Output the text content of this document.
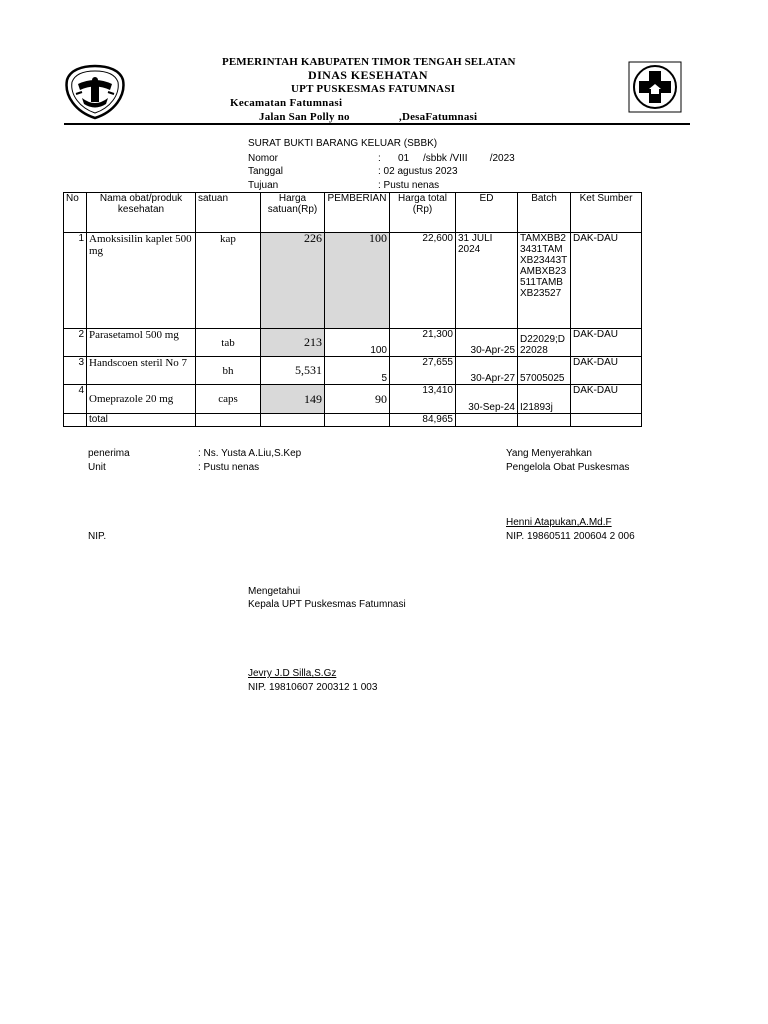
PEMERINTAH KABUPATEN TIMOR TENGAH SELATAN
DINAS KESEHATAN
UPT PUSKESMAS FATUMNASI
Kecamatan Fatumnasi
Jalan San Polly no	,DesaFatumnasi
SURAT BUKTI BARANG KELUAR (SBBK)
Nomor	: 01     /sbbk /VIII        /2023
Tanggal	: 02 agustus 2023
Tujuan	: Pustu nenas
No	Nama obat/produk kesehatan	satuan	Harga satuan(Rp)	PEMBERIAN	Harga total (Rp)	ED	Batch	Ket Sumber
1	Amoksisilin kaplet 500 mg	kap	226	100	22,600	31 JULI 2024	TAMXBB23431TAMXB23443TAMBXB23511TAMBXB23527	DAK-DAU
2	Parasetamol 500 mg	tab	213	100	21,300	30-Apr-25	D22029;D22028	DAK-DAU
3	Handscoen steril No 7	bh	5,531	5	27,655	30-Apr-27	57005025	DAK-DAU
4	Omeprazole 20 mg	caps	149	90	13,410	30-Sep-24	I21893j	DAK-DAU
	total				84,965			
penerima	: Ns. Yusta A.Liu,S.Kep
Unit	: Pustu nenas
NIP.
Yang Menyerahkan
Pengelola Obat Puskesmas
Henni Atapukan,A.Md.F
NIP. 19860511 200604 2 006
Mengetahui
Kepala UPT Puskesmas Fatumnasi
Jevry J.D Silla,S.Gz
NIP. 19810607 200312 1 003
